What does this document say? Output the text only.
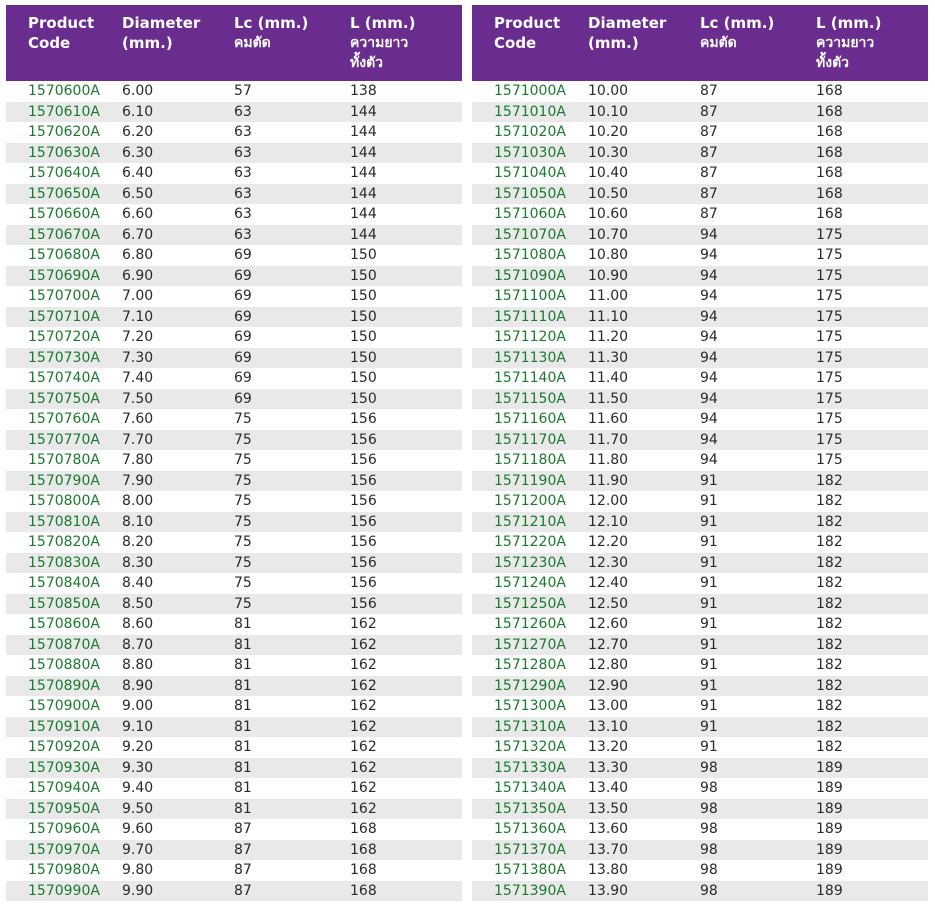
Product
Code	Diameter
(mm.)	Lc (mm.)
คมตัด	L (mm.)
ความยาว
ทั้งตัว

1570600A	6.00	57	138
1570610A	6.10	63	144
1570620A	6.20	63	144
1570630A	6.30	63	144
1570640A	6.40	63	144
1570650A	6.50	63	144
1570660A	6.60	63	144
1570670A	6.70	63	144
1570680A	6.80	69	150
1570690A	6.90	69	150
1570700A	7.00	69	150
1570710A	7.10	69	150
1570720A	7.20	69	150
1570730A	7.30	69	150
1570740A	7.40	69	150
1570750A	7.50	69	150
1570760A	7.60	75	156
1570770A	7.70	75	156
1570780A	7.80	75	156
1570790A	7.90	75	156
1570800A	8.00	75	156
1570810A	8.10	75	156
1570820A	8.20	75	156
1570830A	8.30	75	156
1570840A	8.40	75	156
1570850A	8.50	75	156
1570860A	8.60	81	162
1570870A	8.70	81	162
1570880A	8.80	81	162
1570890A	8.90	81	162
1570900A	9.00	81	162
1570910A	9.10	81	162
1570920A	9.20	81	162
1570930A	9.30	81	162
1570940A	9.40	81	162
1570950A	9.50	81	162
1570960A	9.60	87	168
1570970A	9.70	87	168
1570980A	9.80	87	168
1570990A	9.90	87	168
Product
Code	Diameter
(mm.)	Lc (mm.)
คมตัด	L (mm.)
ความยาว
ทั้งตัว

1571000A	10.00	87	168
1571010A	10.10	87	168
1571020A	10.20	87	168
1571030A	10.30	87	168
1571040A	10.40	87	168
1571050A	10.50	87	168
1571060A	10.60	87	168
1571070A	10.70	94	175
1571080A	10.80	94	175
1571090A	10.90	94	175
1571100A	11.00	94	175
1571110A	11.10	94	175
1571120A	11.20	94	175
1571130A	11.30	94	175
1571140A	11.40	94	175
1571150A	11.50	94	175
1571160A	11.60	94	175
1571170A	11.70	94	175
1571180A	11.80	94	175
1571190A	11.90	91	182
1571200A	12.00	91	182
1571210A	12.10	91	182
1571220A	12.20	91	182
1571230A	12.30	91	182
1571240A	12.40	91	182
1571250A	12.50	91	182
1571260A	12.60	91	182
1571270A	12.70	91	182
1571280A	12.80	91	182
1571290A	12.90	91	182
1571300A	13.00	91	182
1571310A	13.10	91	182
1571320A	13.20	91	182
1571330A	13.30	98	189
1571340A	13.40	98	189
1571350A	13.50	98	189
1571360A	13.60	98	189
1571370A	13.70	98	189
1571380A	13.80	98	189
1571390A	13.90	98	189
